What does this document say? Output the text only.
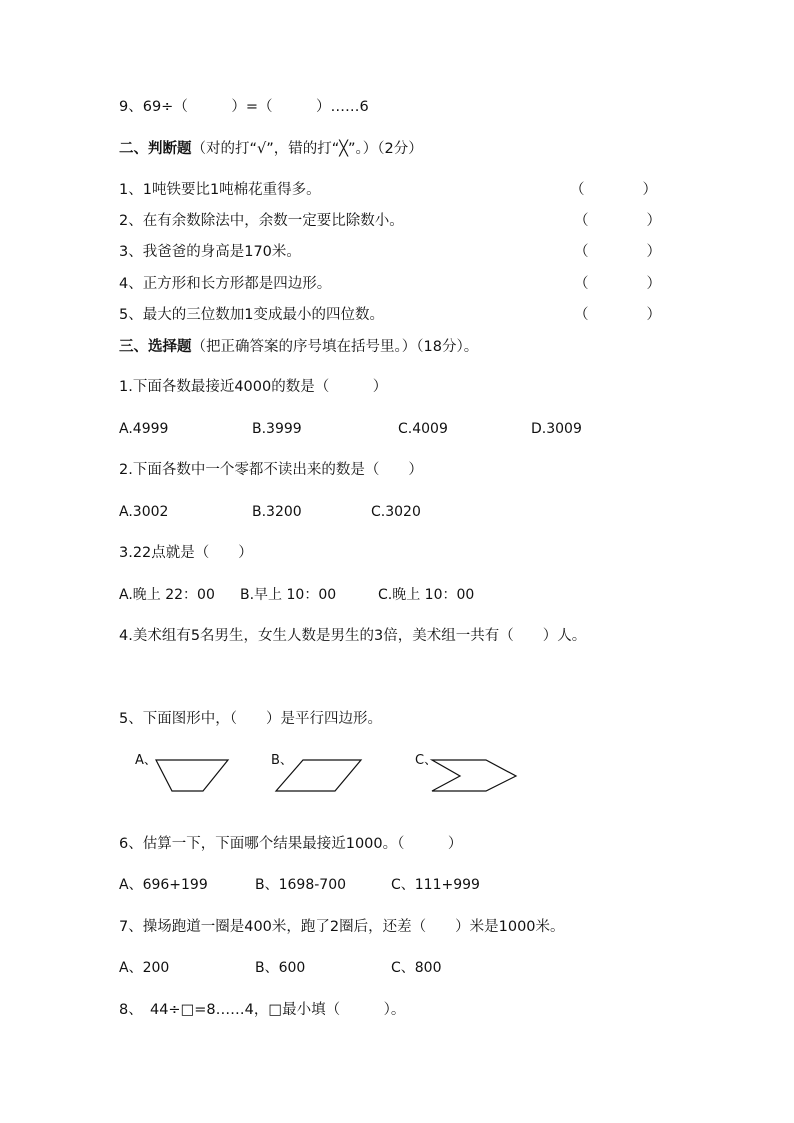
9、69÷（　　　）=（　　　）……6
二、判断题（对的打“√”，错的打“╳”。）（2分）
1、1吨铁要比1吨棉花重得多。	（　　　　）
2、在有余数除法中，余数一定要比除数小。	（　　　　）
3、我爸爸的身高是170米。	（　　　　）
4、正方形和长方形都是四边形。	（　　　　）
5、最大的三位数加1变成最小的四位数。	（　　　　）
三、选择题（把正确答案的序号填在括号里。）（18分）。
1.下面各数最接近4000的数是（　　　）
A.4999	B.3999	C.4009	D.3009
2.下面各数中一个零都不读出来的数是（　　）
A.3002	B.3200	C.3020
3.22点就是（　　）
A.晚上 22：00 B.早上 10：00	C.晚上 10：00
4.美术组有5名男生，女生人数是男生的3倍，美术组一共有（　　）人。
5、下面图形中，（　　）是平行四边形。
A、	B、	C、
6、估算一下，下面哪个结果最接近1000。（　　　）
A、696+199	B、1698-700	C、111+999
7、操场跑道一圈是400米，跑了2圈后，还差（　　）米是1000米。
A、200	B、600	C、800
8、　44÷□=8……4，□最小填（　　　）。
